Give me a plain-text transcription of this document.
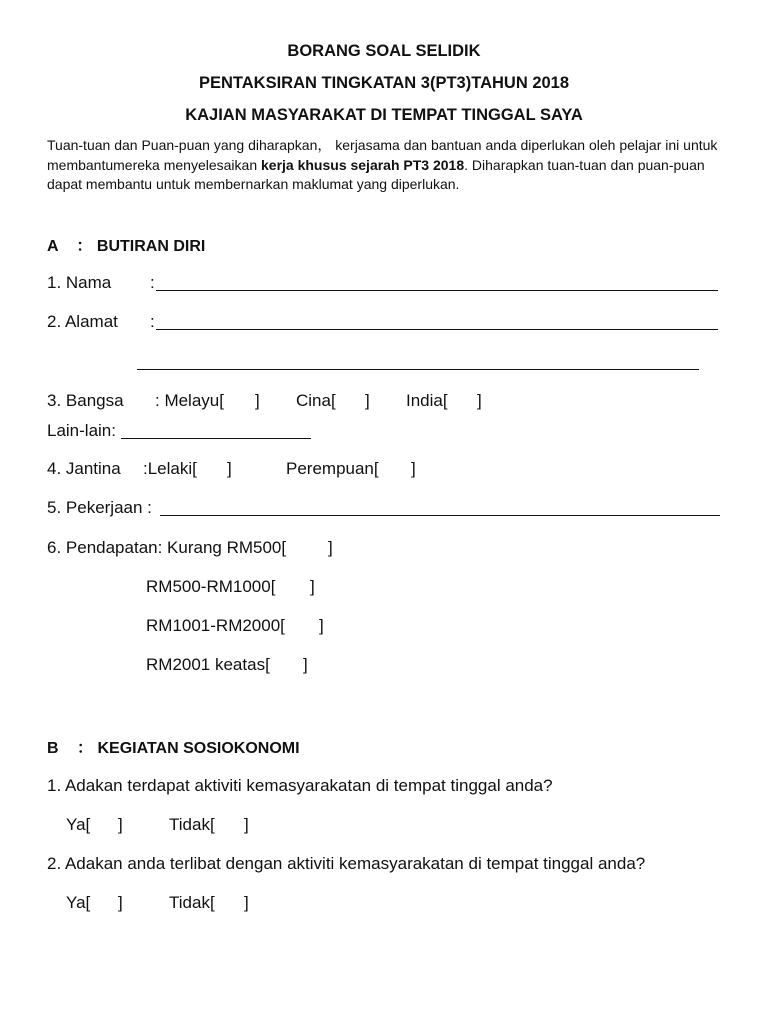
BORANG SOAL SELIDIK
PENTAKSIRAN TINGKATAN 3(PT3)TAHUN 2018
KAJIAN MASYARAKAT DI TEMPAT TINGGAL SAYA
Tuan-tuan dan Puan-puan yang diharapkan， kerjasama dan bantuan anda diperlukan oleh pelajar ini untuk membantumereka menyelesaikan kerja khusus sejarah PT3 2018. Diharapkan tuan-tuan dan puan-puan dapat membantu untuk membernarkan maklumat yang diperlukan.
A ： BUTIRAN DIRI
1. Nama :
2. Alamat :
3. Bangsa : Melayu[ ] Cina[ ] India[ ]
Lain-lain:
4. Jantina :Lelaki[ ]	Perempuan[ ]
5. Pekerjaan :
6. Pendapatan: Kurang RM500[ ]
RM500-RM1000[ ]
RM1001-RM2000[ ]
RM2001 keatas[ ]
B ： KEGIATAN SOSIOKONOMI
1. Adakan terdapat aktiviti kemasyarakatan di tempat tinggal anda?
Ya[ ]	Tidak[ ]
2. Adakan anda terlibat dengan aktiviti kemasyarakatan di tempat tinggal anda?
Ya[ ]	Tidak[ ]
